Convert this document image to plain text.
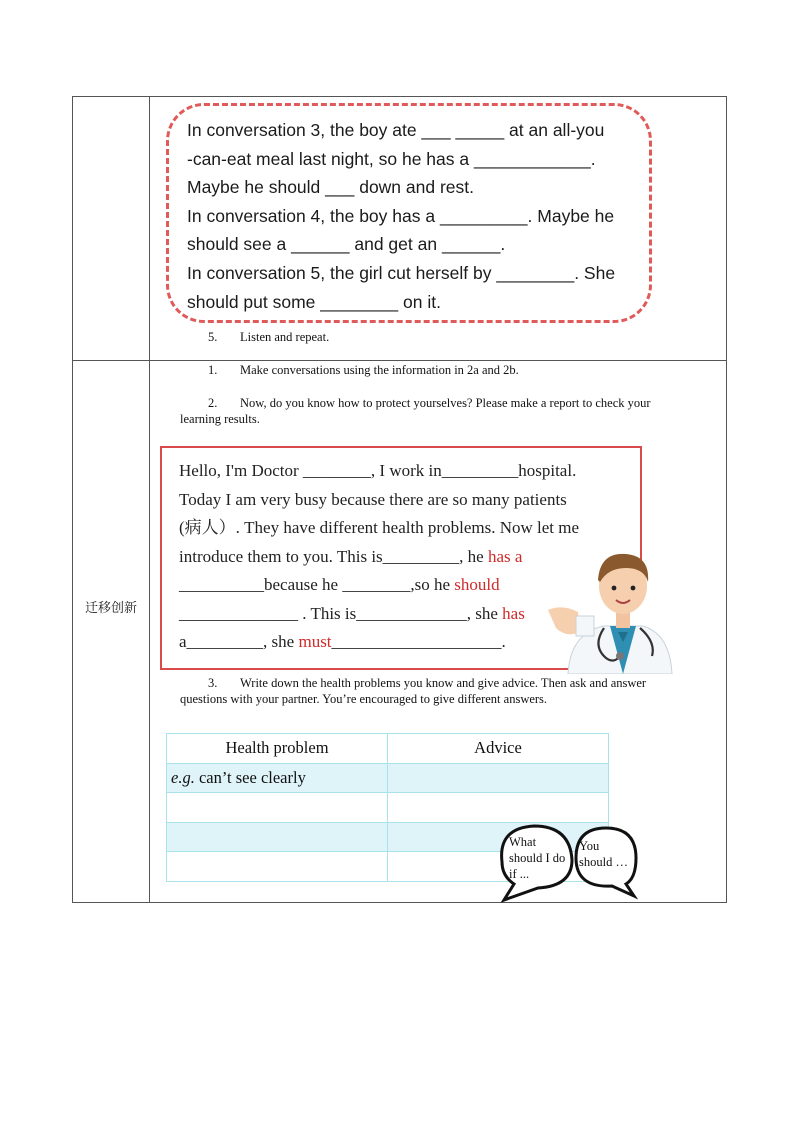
迁移创新
In conversation 3, the boy ate ___ _____ at an all-you
-can-eat meal last night, so he has a ____________.
Maybe he should ___ down and rest.
In conversation 4, the boy has a _________. Maybe he
should see a ______ and get an ______.
In conversation 5, the girl cut herself by ________. She
should put some ________ on it.
5. Listen and repeat.
1. Make conversations using the information in 2a and 2b.
2. Now, do you know how to protect yourselves? Please make a report to check your
learning results.
Hello, I'm Doctor ________, I work in_________hospital.
Today I am very busy because there are so many patients
(病人）. They have different health problems. Now let me
introduce them to you. This is_________, he has a
__________because he ________,so he should
______________ . This is_____________, she has
a_________, she must____________________.
3. Write down the health problems you know and give advice. Then ask and answer
questions with your partner. You’re encouraged to give different answers.
Health problem	Advice
e.g. can’t see clearly	

What
should I do
if ...
You
should …
